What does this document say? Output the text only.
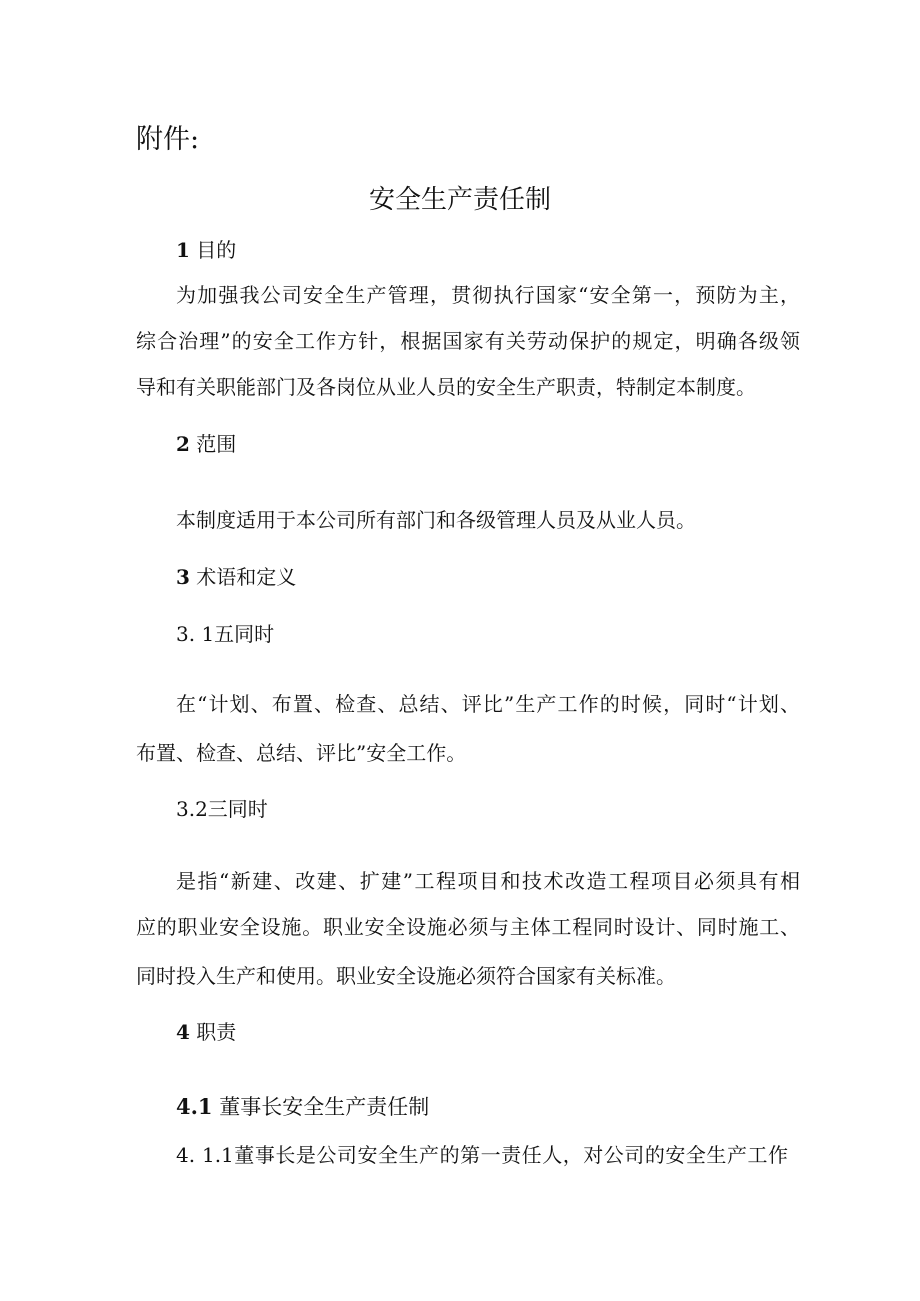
附件:
安全生产责任制
1 目的
为加强我公司安全生产管理，贯彻执行国家“安全第一，预防为主，
综合治理”的安全工作方针，根据国家有关劳动保护的规定，明确各级领
导和有关职能部门及各岗位从业人员的安全生产职责，特制定本制度。
2 范围
本制度适用于本公司所有部门和各级管理人员及从业人员。
3 术语和定义
3. 1五同时
在“计划、布置、检查、总结、评比”生产工作的时候，同时“计划、
布置、检查、总结、评比”安全工作。
3.2三同时
是指“新建、改建、扩建”工程项目和技术改造工程项目必须具有相
应的职业安全设施。职业安全设施必须与主体工程同时设计、同时施工、
同时投入生产和使用。职业安全设施必须符合国家有关标准。
4 职责
4.1 董事长安全生产责任制
4. 1.1董事长是公司安全生产的第一责任人，对公司的安全生产工作
